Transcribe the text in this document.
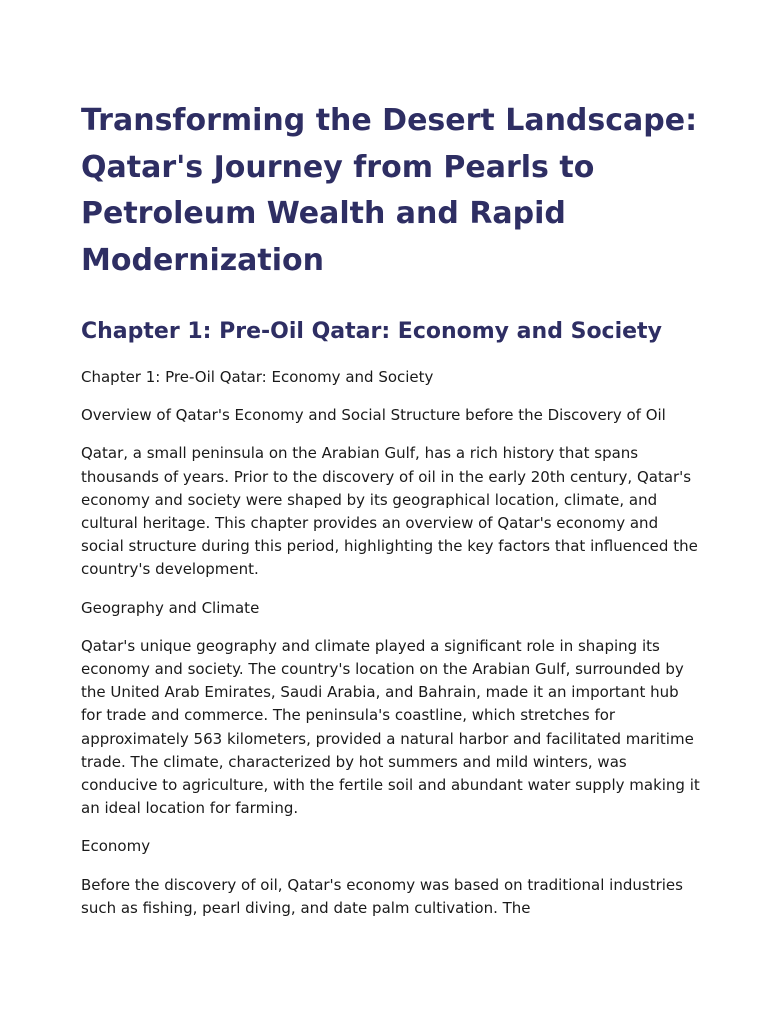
Transforming the Desert Landscape: Qatar's Journey from Pearls to Petroleum Wealth and Rapid Modernization
Chapter 1: Pre-Oil Qatar: Economy and Society

Chapter 1: Pre-Oil Qatar: Economy and Society

Overview of Qatar's Economy and Social Structure before the Discovery of Oil

Qatar, a small peninsula on the Arabian Gulf, has a rich history that spans thousands of years. Prior to the discovery of oil in the early 20th century, Qatar's economy and society were shaped by its geographical location, climate, and cultural heritage. This chapter provides an overview of Qatar's economy and social structure during this period, highlighting the key factors that influenced the country's development.

Geography and Climate

Qatar's unique geography and climate played a significant role in shaping its economy and society. The country's location on the Arabian Gulf, surrounded by the United Arab Emirates, Saudi Arabia, and Bahrain, made it an important hub for trade and commerce. The peninsula's coastline, which stretches for approximately 563 kilometers, provided a natural harbor and facilitated maritime trade. The climate, characterized by hot summers and mild winters, was conducive to agriculture, with the fertile soil and abundant water supply making it an ideal location for farming.

Economy

Before the discovery of oil, Qatar's economy was based on traditional industries such as fishing, pearl diving, and date palm cultivation. The
